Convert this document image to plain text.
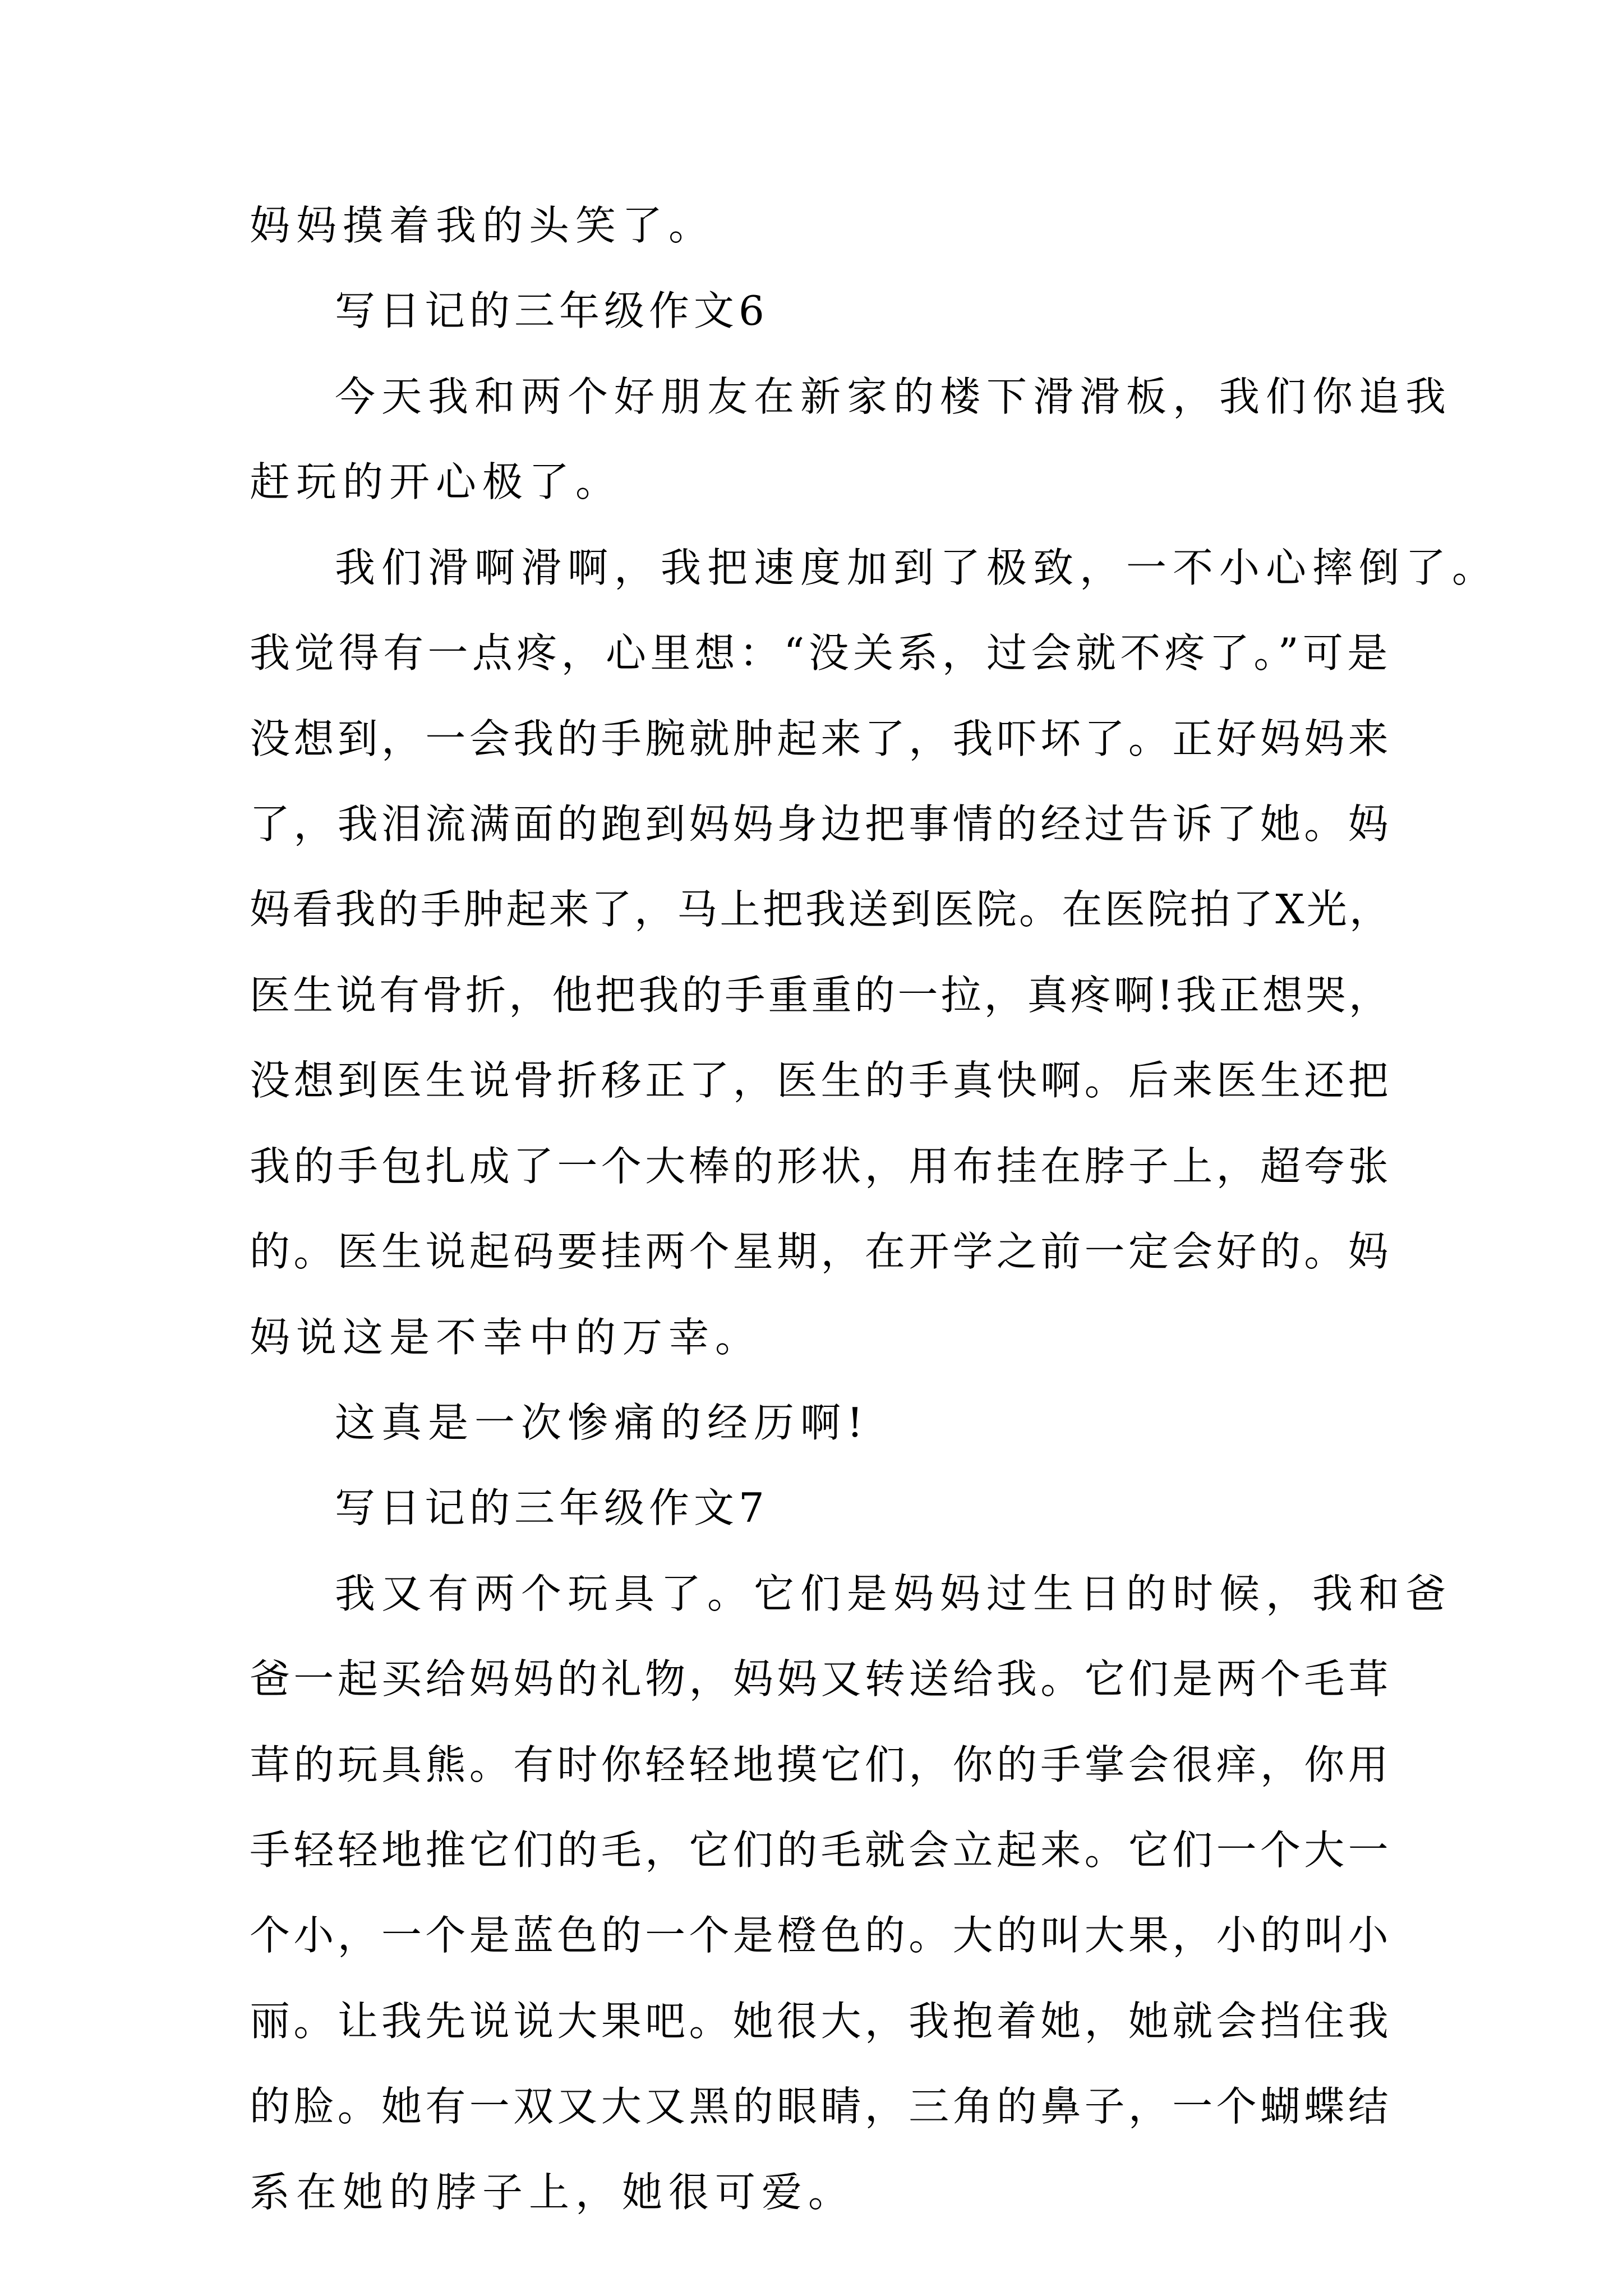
妈妈摸着我的头笑了。

写日记的三年级作文6

今天我和两个好朋友在新家的楼下滑滑板，我们你追我

赶玩的开心极了。

我们滑啊滑啊，我把速度加到了极致，一不小心摔倒了。

我觉得有一点疼，心里想：“没关系，过会就不疼了。”可是

没想到，一会我的手腕就肿起来了，我吓坏了。正好妈妈来

了，我泪流满面的跑到妈妈身边把事情的经过告诉了她。妈

妈看我的手肿起来了，马上把我送到医院。在医院拍了X光，

医生说有骨折，他把我的手重重的一拉，真疼啊!我正想哭，

没想到医生说骨折移正了，医生的手真快啊。后来医生还把

我的手包扎成了一个大棒的形状，用布挂在脖子上，超夸张

的。医生说起码要挂两个星期，在开学之前一定会好的。妈

妈说这是不幸中的万幸。

这真是一次惨痛的经历啊!

写日记的三年级作文7

我又有两个玩具了。它们是妈妈过生日的时候，我和爸

爸一起买给妈妈的礼物，妈妈又转送给我。它们是两个毛茸

茸的玩具熊。有时你轻轻地摸它们，你的手掌会很痒，你用

手轻轻地推它们的毛，它们的毛就会立起来。它们一个大一

个小，一个是蓝色的一个是橙色的。大的叫大果，小的叫小

丽。让我先说说大果吧。她很大，我抱着她，她就会挡住我

的脸。她有一双又大又黑的眼睛，三角的鼻子，一个蝴蝶结

系在她的脖子上，她很可爱。
